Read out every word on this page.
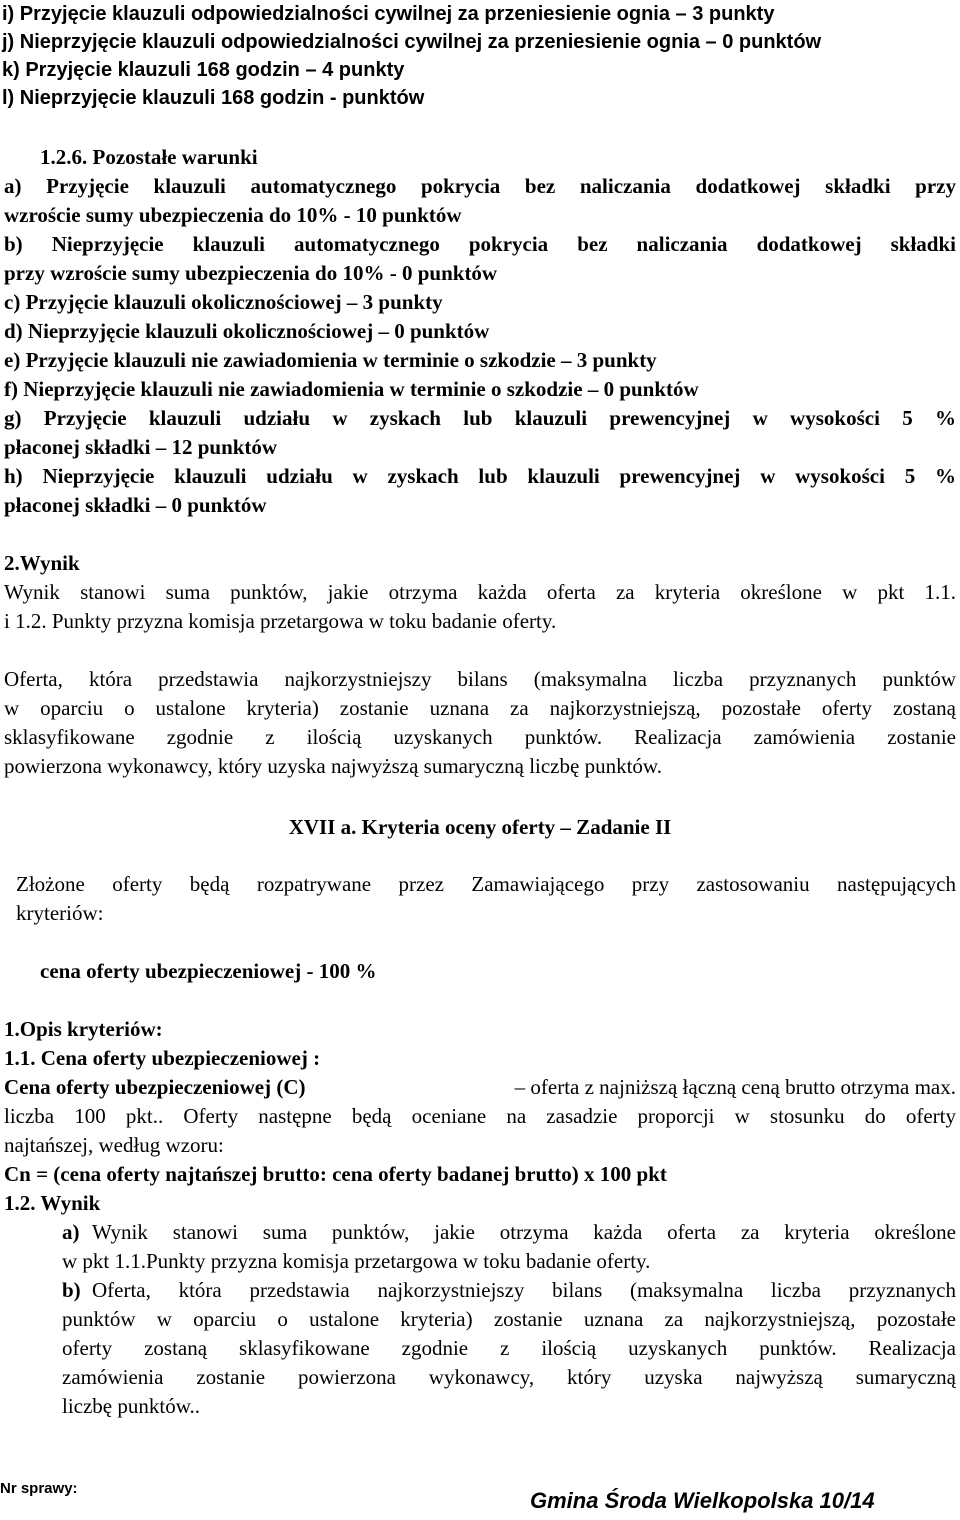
i) Przyjęcie klauzuli odpowiedzialności cywilnej za przeniesienie ognia – 3 punkty
j) Nieprzyjęcie klauzuli odpowiedzialności cywilnej za przeniesienie ognia – 0 punktów
k) Przyjęcie klauzuli 168 godzin – 4 punkty
l) Nieprzyjęcie klauzuli 168 godzin - punktów
1.2.6. Pozostałe warunki
a) Przyjęcie klauzuli automatycznego pokrycia bez naliczania dodatkowej składki przy
wzroście sumy ubezpieczenia do 10% - 10 punktów
b) Nieprzyjęcie klauzuli automatycznego pokrycia bez naliczania dodatkowej składki
przy wzroście sumy ubezpieczenia do 10% - 0 punktów
c) Przyjęcie klauzuli okolicznościowej – 3 punkty
d) Nieprzyjęcie klauzuli okolicznościowej – 0 punktów
e) Przyjęcie klauzuli nie zawiadomienia w terminie o szkodzie – 3 punkty
f) Nieprzyjęcie klauzuli nie zawiadomienia w terminie o szkodzie – 0 punktów
g) Przyjęcie klauzuli udziału w zyskach lub klauzuli prewencyjnej w wysokości 5 %
płaconej składki – 12 punktów
h) Nieprzyjęcie klauzuli udziału w zyskach lub klauzuli prewencyjnej w wysokości 5 %
płaconej składki – 0 punktów
2.Wynik
Wynik stanowi suma punktów, jakie otrzyma każda oferta za kryteria określone w pkt 1.1.
i 1.2. Punkty przyzna komisja przetargowa w toku badanie oferty.
Oferta, która przedstawia najkorzystniejszy bilans (maksymalna liczba przyznanych punktów
w oparciu o ustalone kryteria) zostanie uznana za najkorzystniejszą, pozostałe oferty zostaną
sklasyfikowane zgodnie z ilością uzyskanych punktów. Realizacja zamówienia zostanie
powierzona wykonawcy, który uzyska najwyższą sumaryczną liczbę punktów.
XVII a. Kryteria oceny oferty – Zadanie II
Złożone oferty będą rozpatrywane przez Zamawiającego przy zastosowaniu następujących
kryteriów:
cena oferty ubezpieczeniowej - 100 %
1.Opis kryteriów:
1.1. Cena oferty ubezpieczeniowej :
Cena oferty ubezpieczeniowej (C)	– oferta z najniższą łączną ceną brutto otrzyma max.
liczba 100 pkt.. Oferty następne będą oceniane na zasadzie proporcji w stosunku do oferty
najtańszej, według wzoru:
Cn = (cena oferty najtańszej brutto: cena oferty badanej brutto) x 100 pkt
1.2. Wynik
a) Wynik stanowi suma punktów, jakie otrzyma każda oferta za kryteria określone
w pkt 1.1.Punkty przyzna komisja przetargowa w toku badanie oferty.
b) Oferta, która przedstawia najkorzystniejszy bilans (maksymalna liczba przyznanych
punktów w oparciu o ustalone kryteria) zostanie uznana za najkorzystniejszą, pozostałe
oferty zostaną sklasyfikowane zgodnie z ilością uzyskanych punktów. Realizacja
zamówienia zostanie powierzona wykonawcy, który uzyska najwyższą sumaryczną
liczbę punktów..
Nr sprawy:	Gmina Środa Wielkopolska 10/14
